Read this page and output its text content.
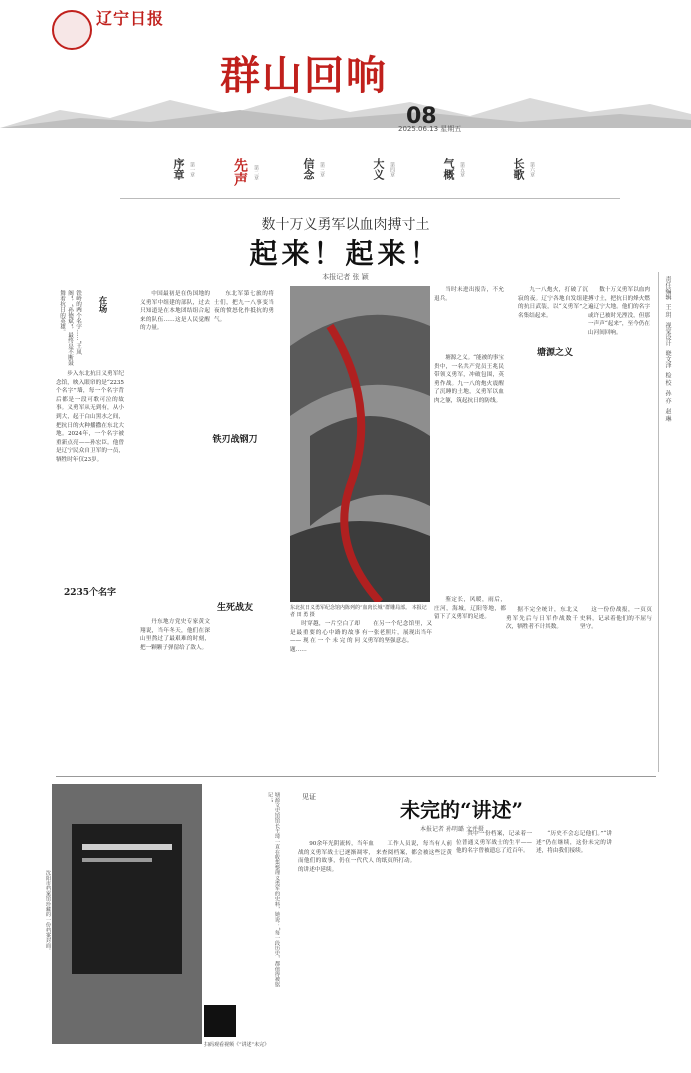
辽宁日报
群山回响
08
2025.06.13 星期五
序章 第一章	先声	第二章	信念 第三章	大义 第四章	气概 第五章	长歌 第六章
数十万义勇军以血肉搏寸土
起来！起来！
本报记者 张 颖
在场
铁岭的两个名字……“王凤阁”，“孙德斌”，最终是不断鼓舞着抗日的英雄。

步入东北抗日义勇军纪念馆，映入眼帘的是“2235个名字”墙，每一个名字背后都是一段可歌可泣的故事。义勇军从无到有，从小到大，起于白山黑水之间，把抗日的火种播撒在东北大地。2024年，一个名字被重新点亮——孙宏臣。他曾是辽宁民众自卫军的一员，牺牲时年仅23岁。

2235个名字

中国最初是在伪国地的义勇军中组建的部队，过去只知道是在本地团结组合起来的队伍……这是人民觉醒的力量。

东北军第七旅的将士们，把九一八事变当夜的愤怒化作抵抗的勇气。

铁刃战钢刀
生死战友

丹东地方党史专家黄文翔说，当年冬天，他们在深山里熬过了最艰难的时刻，把一颗颗子弹留给了敌人。

东北抗日义勇军纪念馆内陈列的“血肉长城”群雕局部。 本报记者 田 勇 摄

当时未进出报告，不允退兵。

塘源之义

塘源之义。“能被的事宝贵中，一名共产党员王兆民带领义勇军，冲破包围，英勇作战。九一八的炮火震醒了沉睡的土地，义勇军以血肉之躯，筑起抗日的防线。

九一八炮火，打破了沉寂的夜。辽宁各地自发组建的抗日武装，以“义勇军”之名集结起来。

数十万义勇军以血肉搏寸土，把抗日的烽火燃遍辽宁大地。他们的名字或许已被时光湮没，但那一声声“起来”，至今仍在山河间回响。

时穿越，一片空白了却是最重要的心中路的故事——现在一个未完的问题……

在另一个纪念馆里，又有一张老照片，展现出当年义勇军的坚强意志。

鉴定长，风暖，雨后，庄河，海城。辽阳等地，都留下了义勇军的足迹。

据不完全统计，东北义勇军先后与日军作战数千次，牺牲者不计其数。

这一份份战报，一页页史料，记录着他们的不屈与坚守。

责任编辑
王 玥
视觉设计
晓文泽
检 校
孙 亦
赵 琳
沈阳市档案馆珍藏的一份档案封面。	塘源文史馆馆长王琦一直在收集整理义勇军的史料，她说：“每一段历史，都值得被铭记。”
扫码观看视频《“讲述”未完》
见证
未完的“讲述”
本报记者 孙明璐 文并摄

90余年光阴流转，当年血战的义勇军战士已逐渐凋零，而他们的故事，仍在一代代人的讲述中延续。

工作人员说，每当有人前来查阅档案，都会被这些泛黄的纸页所打动。

其中一份档案，记录着一位普通义勇军战士的生平——他的名字曾被遗忘了近百年。

“历史不会忘记他们。”“讲述”仍在继续，这份未完的讲述，将由我们接续。
